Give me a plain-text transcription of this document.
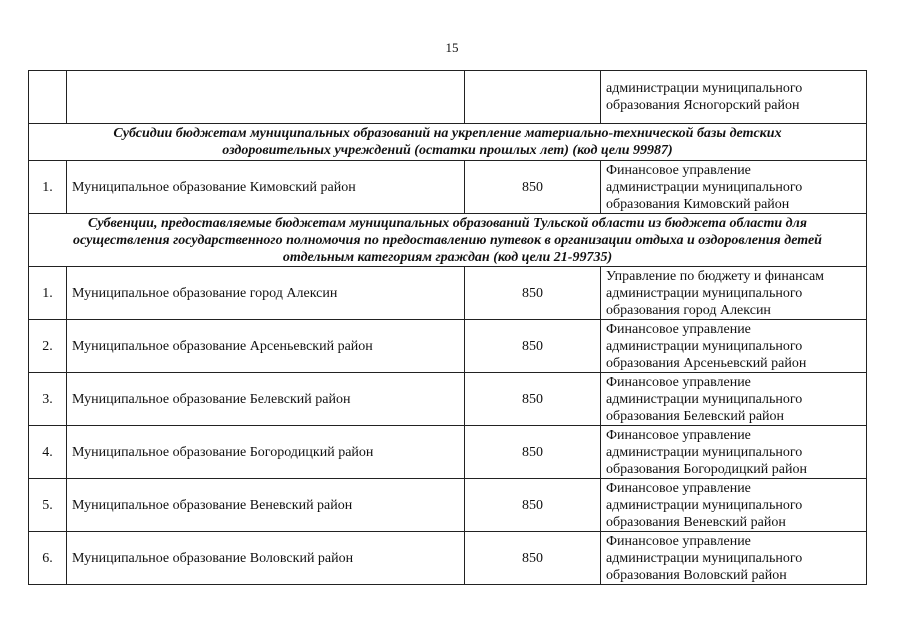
15

			администрации муниципального
образования Ясногорский район

Субсидии бюджетам муниципальных образований на укрепление материально-технической базы детских
оздоровительных учреждений (остатки прошлых лет) (код цели 99987)			

1.	Муниципальное образование Кимовский район	850	Финансовое управление
администрации муниципального
образования Кимовский район

Субвенции, предоставляемые бюджетам муниципальных образований Тульской области из бюджета области для
осуществления государственного полномочия по предоставлению путевок в организации отдыха и оздоровления детей
отдельным категориям граждан (код цели 21-99735)			

1.	Муниципальное образование город Алексин	850	Управление по бюджету и финансам
администрации муниципального
образования город Алексин

2.	Муниципальное образование Арсеньевский район	850	Финансовое управление
администрации муниципального
образования Арсеньевский район

3.	Муниципальное образование Белевский район	850	Финансовое управление
администрации муниципального
образования Белевский район

4.	Муниципальное образование Богородицкий район	850	Финансовое управление
администрации муниципального
образования Богородицкий район

5.	Муниципальное образование Веневский район	850	Финансовое управление
администрации муниципального
образования Веневский район

6.	Муниципальное образование Воловский район	850	Финансовое управление
администрации муниципального
образования Воловский район
